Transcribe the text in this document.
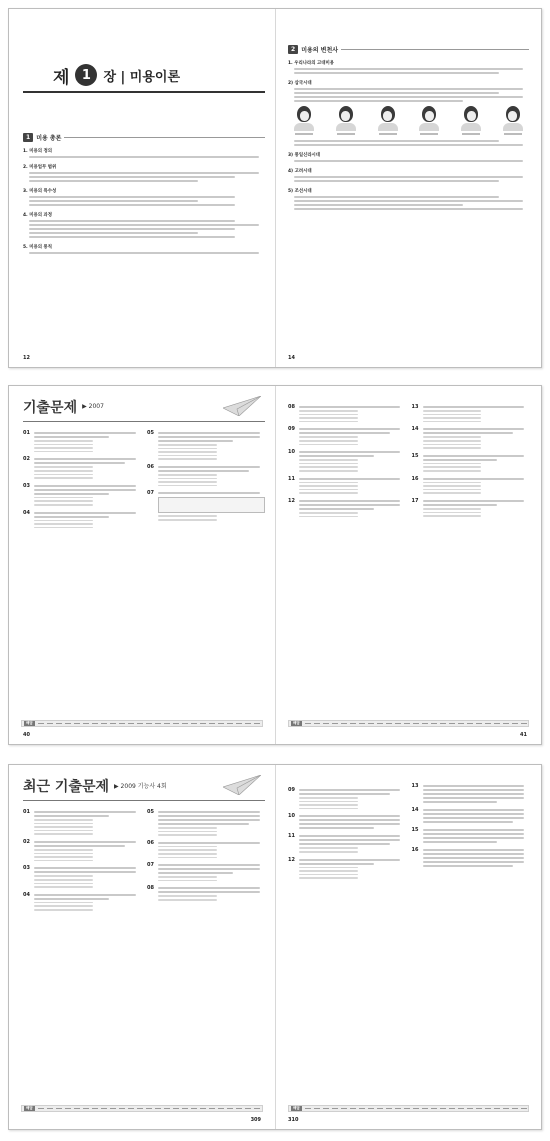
제 1 장 | 미용이론
1	미용 총론
1. 미용의 정의
2. 미용업무 범위
3. 미용의 특수성
4. 미용의 과정
5. 미용의 통칙
12
2	미용의 변천사
1. 우리나라의 고대미용
2) 삼국시대
3) 통일신라시대
4) 고려시대
5) 조선시대
14
기출문제 ▶ 2007
01
02
03
04
05
06
07
해답
40
08
09
10
11
12
13
14
15
16
17
해답
41
최근 기출문제 ▶ 2009 기능사 4회
01
02
03
04
05
06
07
08
해답
309
09
10
11
12
13
14
15
16
해답
310
